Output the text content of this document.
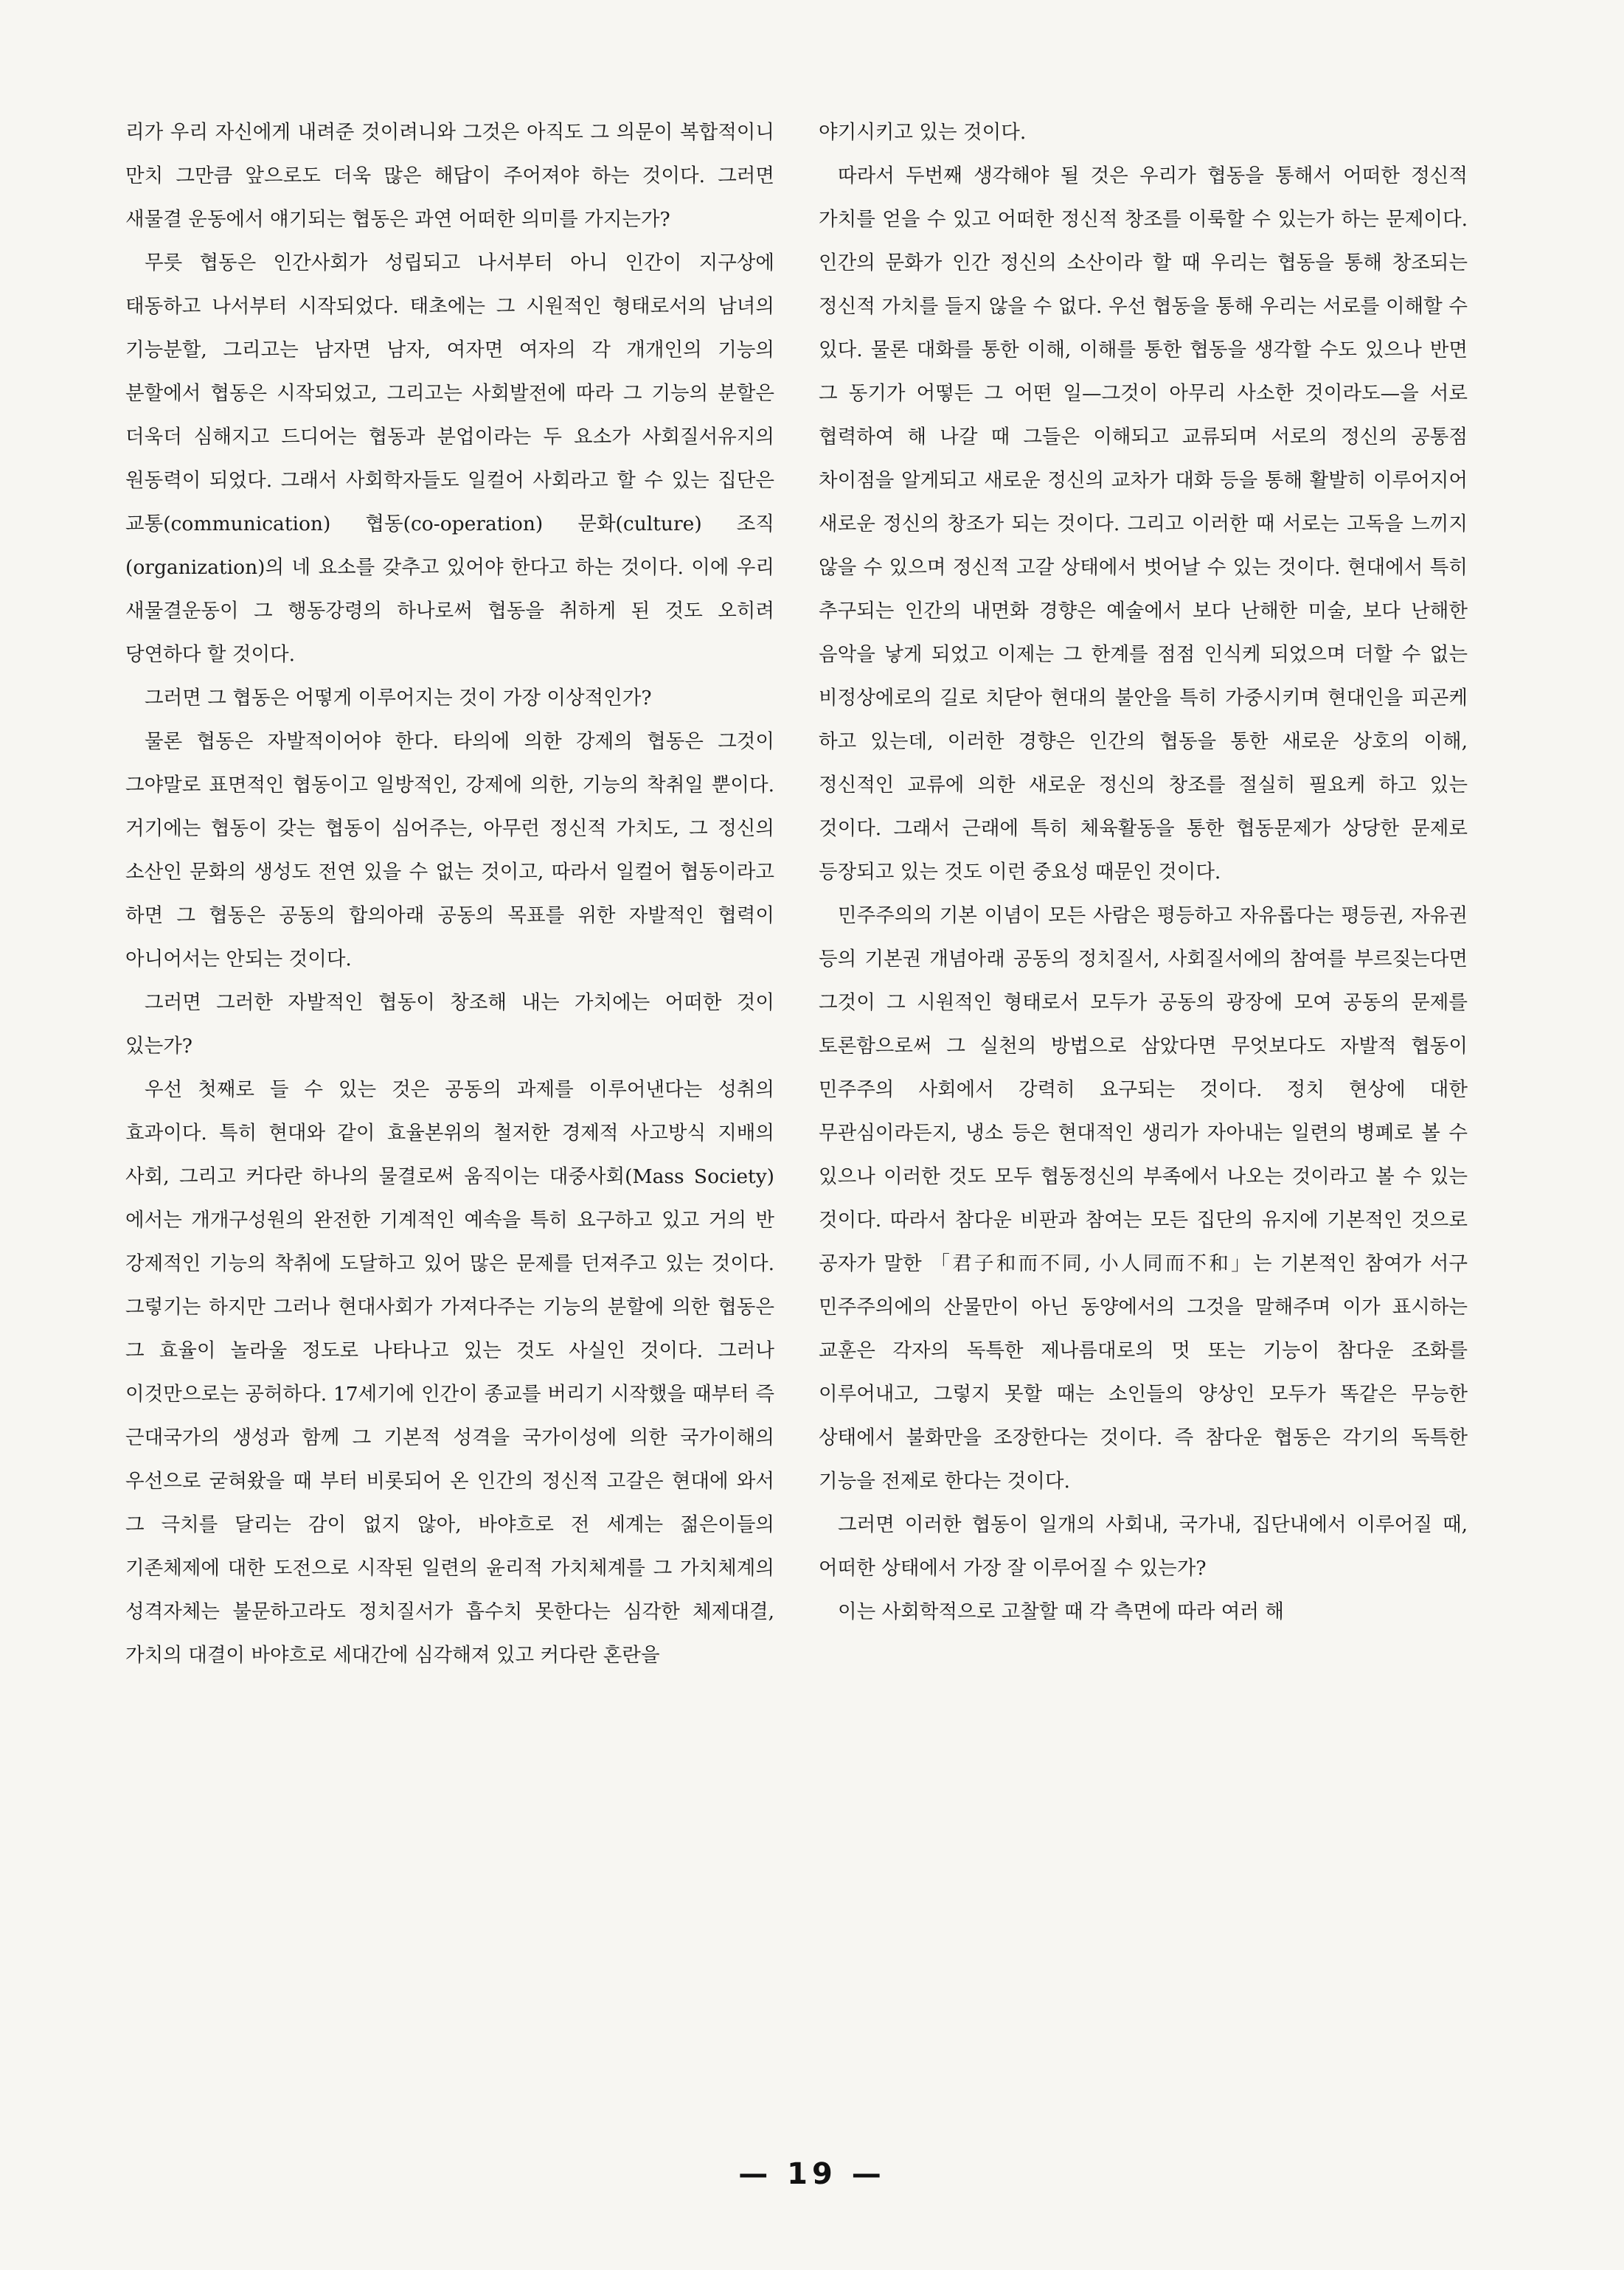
리가 우리 자신에게 내려준 것이려니와 그것은 아직도 그 의문이 복합적이니 만치 그만큼 앞으로도 더욱 많은 해답이 주어져야 하는 것이다. 그러면 새물결 운동에서 얘기되는 협동은 과연 어떠한 의미를 가지는가?

무릇 협동은 인간사회가 성립되고 나서부터 아니 인간이 지구상에 태동하고 나서부터 시작되었다. 태초에는 그 시원적인 형태로서의 남녀의 기능분할, 그리고는 남자면 남자, 여자면 여자의 각 개개인의 기능의 분할에서 협동은 시작되었고, 그리고는 사회발전에 따라 그 기능의 분할은 더욱더 심해지고 드디어는 협동과 분업이라는 두 요소가 사회질서유지의 원동력이 되었다. 그래서 사회학자들도 일컬어 사회라고 할 수 있는 집단은 교통(communication) 협동(co-operation) 문화(culture) 조직(organization)의 네 요소를 갖추고 있어야 한다고 하는 것이다. 이에 우리 새물결운동이 그 행동강령의 하나로써 협동을 취하게 된 것도 오히려 당연하다 할 것이다.

그러면 그 협동은 어떻게 이루어지는 것이 가장 이상적인가?

물론 협동은 자발적이어야 한다. 타의에 의한 강제의 협동은 그것이 그야말로 표면적인 협동이고 일방적인, 강제에 의한, 기능의 착취일 뿐이다. 거기에는 협동이 갖는 협동이 심어주는, 아무런 정신적 가치도, 그 정신의 소산인 문화의 생성도 전연 있을 수 없는 것이고, 따라서 일컬어 협동이라고 하면 그 협동은 공동의 합의아래 공동의 목표를 위한 자발적인 협력이 아니어서는 안되는 것이다.

그러면 그러한 자발적인 협동이 창조해 내는 가치에는 어떠한 것이 있는가?

우선 첫째로 들 수 있는 것은 공동의 과제를 이루어낸다는 성취의 효과이다. 특히 현대와 같이 효율본위의 철저한 경제적 사고방식 지배의 사회, 그리고 커다란 하나의 물결로써 움직이는 대중사회(Mass Society)에서는 개개구성원의 완전한 기계적인 예속을 특히 요구하고 있고 거의 반 강제적인 기능의 착취에 도달하고 있어 많은 문제를 던져주고 있는 것이다. 그렇기는 하지만 그러나 현대사회가 가져다주는 기능의 분할에 의한 협동은 그 효율이 놀라울 정도로 나타나고 있는 것도 사실인 것이다. 그러나 이것만으로는 공허하다. 17세기에 인간이 종교를 버리기 시작했을 때부터 즉 근대국가의 생성과 함께 그 기본적 성격을 국가이성에 의한 국가이해의 우선으로 굳혀왔을 때 부터 비롯되어 온 인간의 정신적 고갈은 현대에 와서 그 극치를 달리는 감이 없지 않아, 바야흐로 전 세계는 젊은이들의 기존체제에 대한 도전으로 시작된 일련의 윤리적 가치체계를 그 가치체계의 성격자체는 불문하고라도 정치질서가 흡수치 못한다는 심각한 체제대결, 가치의 대결이 바야흐로 세대간에 심각해져 있고 커다란 혼란을

야기시키고 있는 것이다.

따라서 두번째 생각해야 될 것은 우리가 협동을 통해서 어떠한 정신적 가치를 얻을 수 있고 어떠한 정신적 창조를 이룩할 수 있는가 하는 문제이다. 인간의 문화가 인간 정신의 소산이라 할 때 우리는 협동을 통해 창조되는 정신적 가치를 들지 않을 수 없다. 우선 협동을 통해 우리는 서로를 이해할 수 있다. 물론 대화를 통한 이해, 이해를 통한 협동을 생각할 수도 있으나 반면 그 동기가 어떻든 그 어떤 일—그것이 아무리 사소한 것이라도—을 서로 협력하여 해 나갈 때 그들은 이해되고 교류되며 서로의 정신의 공통점 차이점을 알게되고 새로운 정신의 교차가 대화 등을 통해 활발히 이루어지어 새로운 정신의 창조가 되는 것이다. 그리고 이러한 때 서로는 고독을 느끼지 않을 수 있으며 정신적 고갈 상태에서 벗어날 수 있는 것이다. 현대에서 특히 추구되는 인간의 내면화 경향은 예술에서 보다 난해한 미술, 보다 난해한 음악을 낳게 되었고 이제는 그 한계를 점점 인식케 되었으며 더할 수 없는 비정상에로의 길로 치닫아 현대의 불안을 특히 가중시키며 현대인을 피곤케 하고 있는데, 이러한 경향은 인간의 협동을 통한 새로운 상호의 이해, 정신적인 교류에 의한 새로운 정신의 창조를 절실히 필요케 하고 있는 것이다. 그래서 근래에 특히 체육활동을 통한 협동문제가 상당한 문제로 등장되고 있는 것도 이런 중요성 때문인 것이다.

민주주의의 기본 이념이 모든 사람은 평등하고 자유롭다는 평등권, 자유권 등의 기본권 개념아래 공동의 정치질서, 사회질서에의 참여를 부르짖는다면 그것이 그 시원적인 형태로서 모두가 공동의 광장에 모여 공동의 문제를 토론함으로써 그 실천의 방법으로 삼았다면 무엇보다도 자발적 협동이 민주주의 사회에서 강력히 요구되는 것이다. 정치 현상에 대한 무관심이라든지, 냉소 등은 현대적인 생리가 자아내는 일련의 병폐로 볼 수 있으나 이러한 것도 모두 협동정신의 부족에서 나오는 것이라고 볼 수 있는 것이다. 따라서 참다운 비판과 참여는 모든 집단의 유지에 기본적인 것으로 공자가 말한 「君子和而不同, 小人同而不和」는 기본적인 참여가 서구 민주주의에의 산물만이 아닌 동양에서의 그것을 말해주며 이가 표시하는 교훈은 각자의 독특한 제나름대로의 멋 또는 기능이 참다운 조화를 이루어내고, 그렇지 못할 때는 소인들의 양상인 모두가 똑같은 무능한 상태에서 불화만을 조장한다는 것이다. 즉 참다운 협동은 각기의 독특한 기능을 전제로 한다는 것이다.

그러면 이러한 협동이 일개의 사회내, 국가내, 집단내에서 이루어질 때, 어떠한 상태에서 가장 잘 이루어질 수 있는가?

이는 사회학적으로 고찰할 때 각 측면에 따라 여러 해

— 19 —
